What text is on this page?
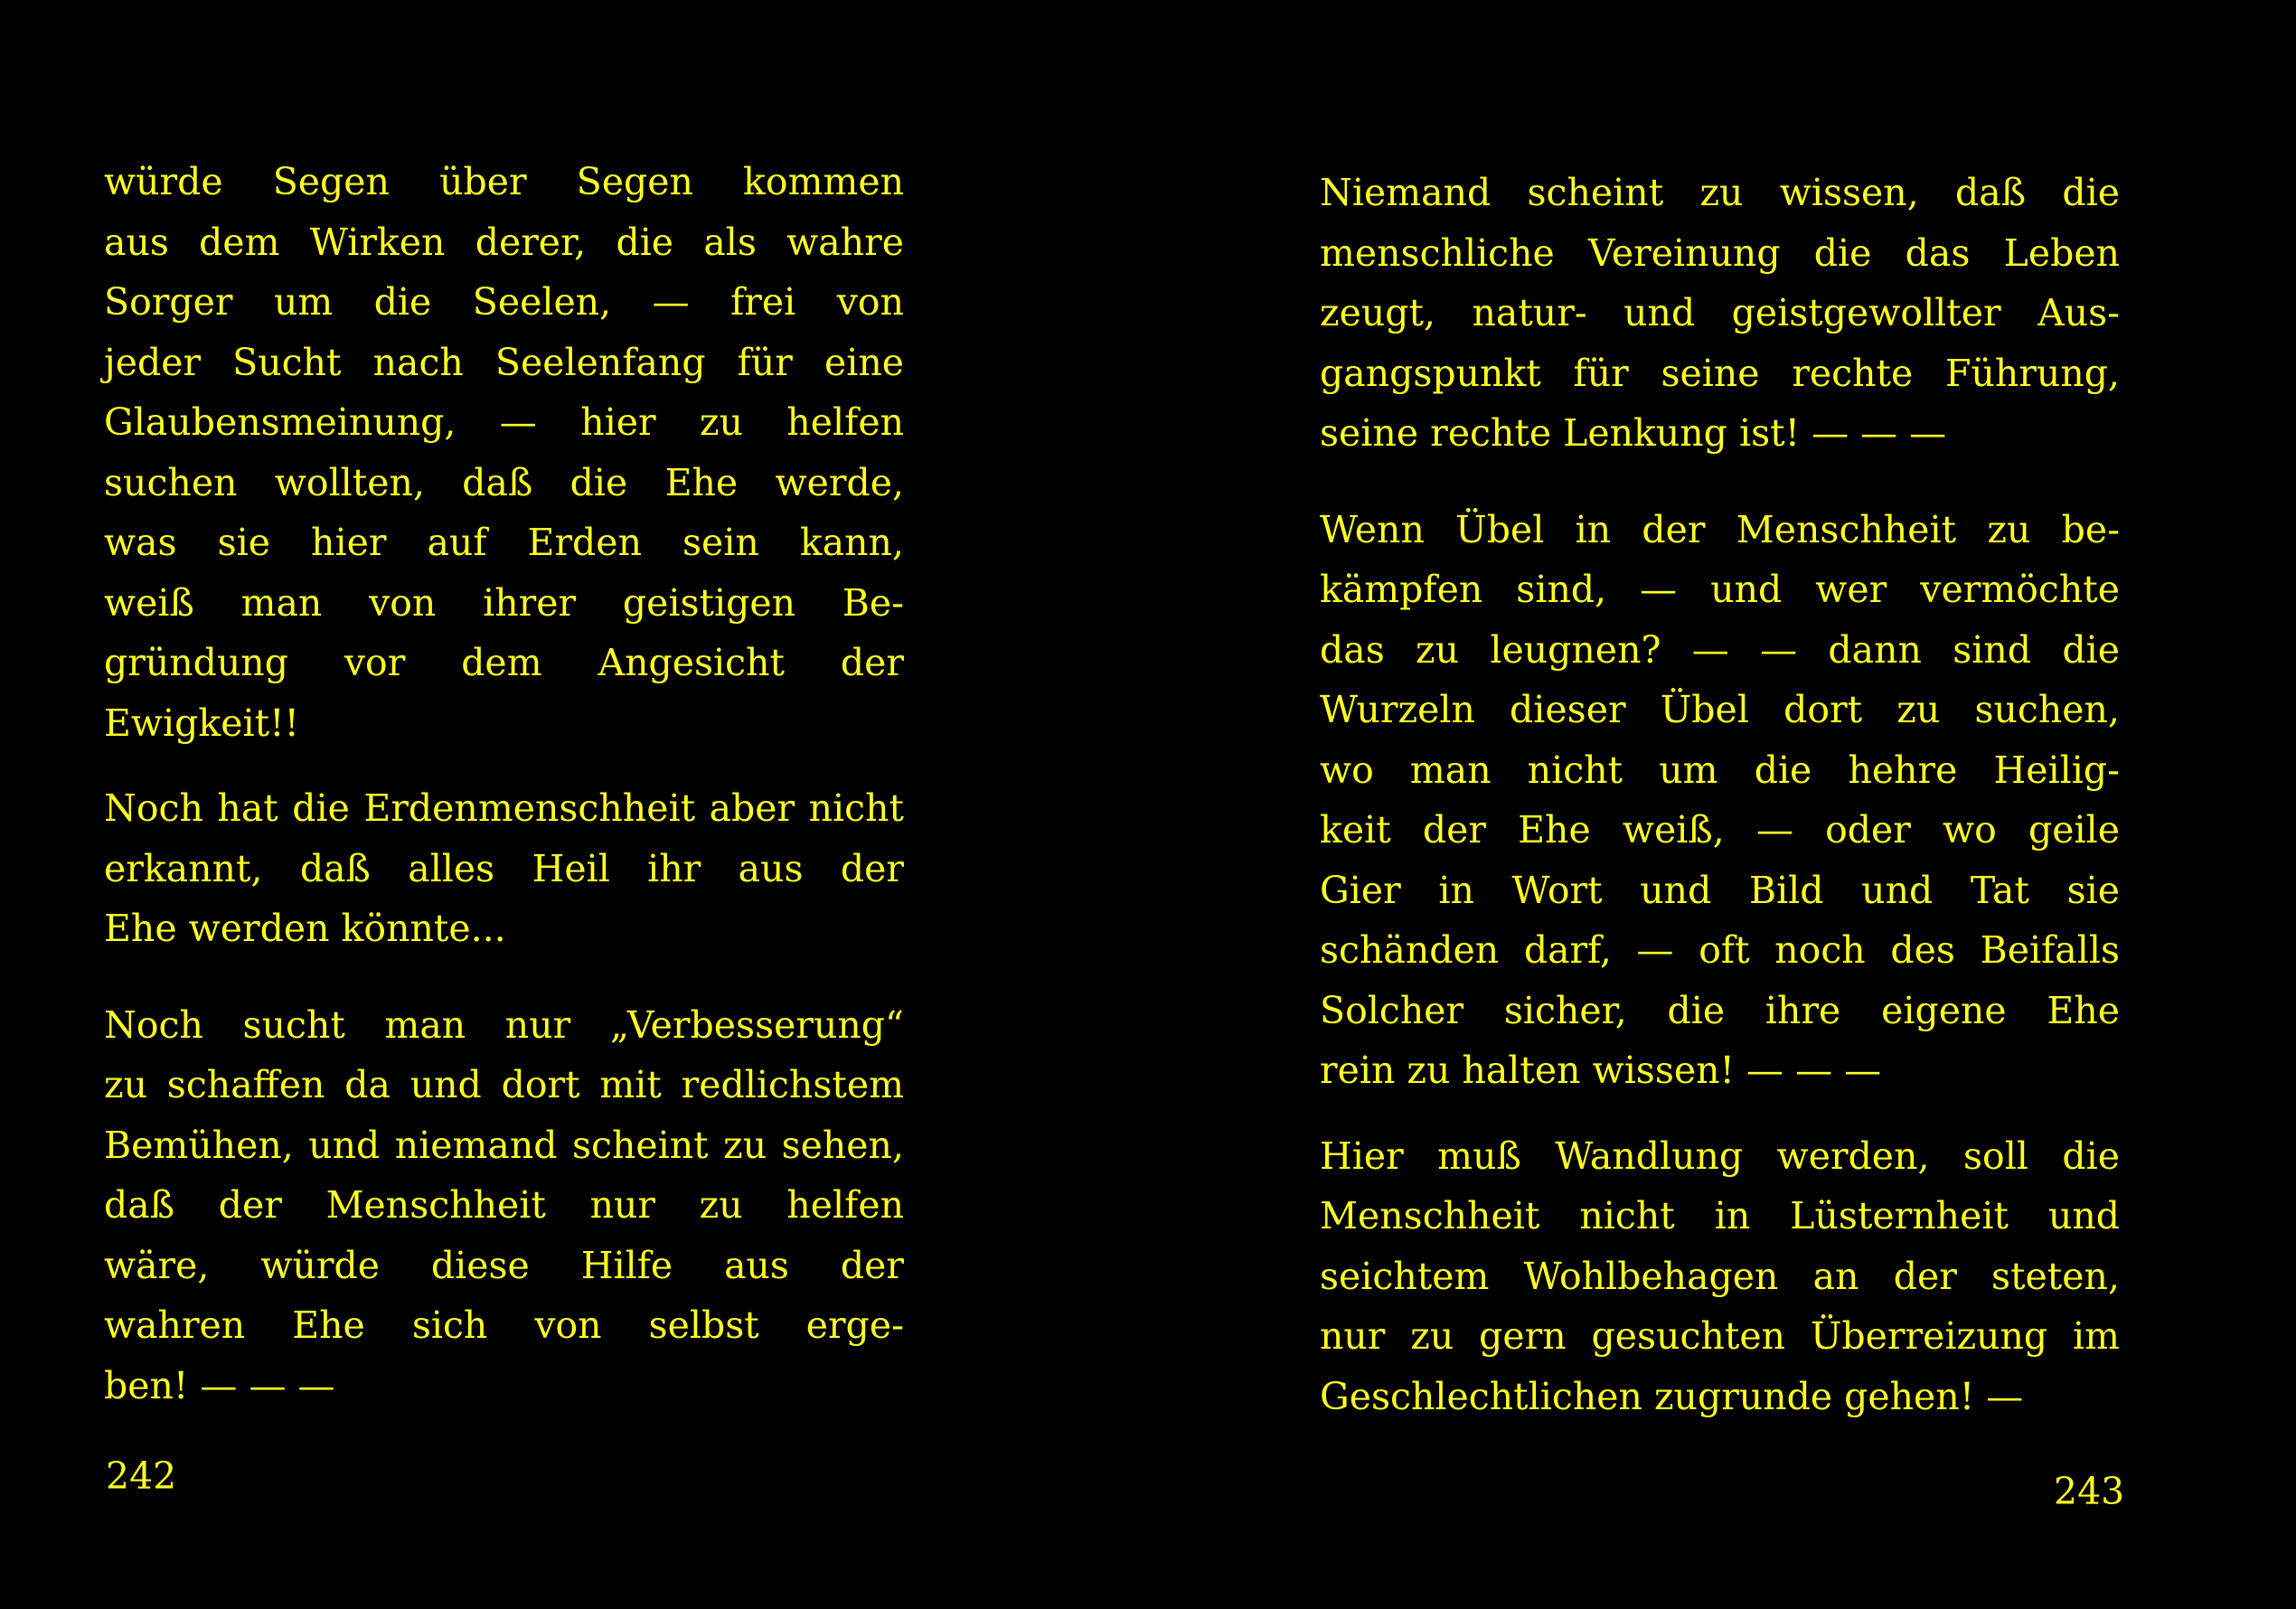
würde Segen über Segen kommen
aus dem Wirken derer, die als wahre
Sorger um die Seelen, — frei von
jeder Sucht nach Seelenfang für eine
Glaubensmeinung, — hier zu helfen
suchen wollten, daß die Ehe werde,
was sie hier auf Erden sein kann,
weiß man von ihrer geistigen Be-
gründung vor dem Angesicht der
Ewigkeit!!

Noch hat die Erdenmenschheit aber nicht
erkannt, daß alles Heil ihr aus der
Ehe werden könnte...

Noch sucht man nur „Verbesserung“
zu schaffen da und dort mit redlichstem
Bemühen, und niemand scheint zu sehen,
daß der Menschheit nur zu helfen
wäre, würde diese Hilfe aus der
wahren Ehe sich von selbst erge-
ben! — — —

242

Niemand scheint zu wissen, daß die
menschliche Vereinung die das Leben
zeugt, natur- und geistgewollter Aus-
gangspunkt für seine rechte Führung,
seine rechte Lenkung ist! — — —

Wenn Übel in der Menschheit zu be-
kämpfen sind, — und wer vermöchte
das zu leugnen? — — dann sind die
Wurzeln dieser Übel dort zu suchen,
wo man nicht um die hehre Heilig-
keit der Ehe weiß, — oder wo geile
Gier in Wort und Bild und Tat sie
schänden darf, — oft noch des Beifalls
Solcher sicher, die ihre eigene Ehe
rein zu halten wissen! — — —

Hier muß Wandlung werden, soll die
Menschheit nicht in Lüsternheit und
seichtem Wohlbehagen an der steten,
nur zu gern gesuchten Überreizung im
Geschlechtlichen zugrunde gehen! —

243
